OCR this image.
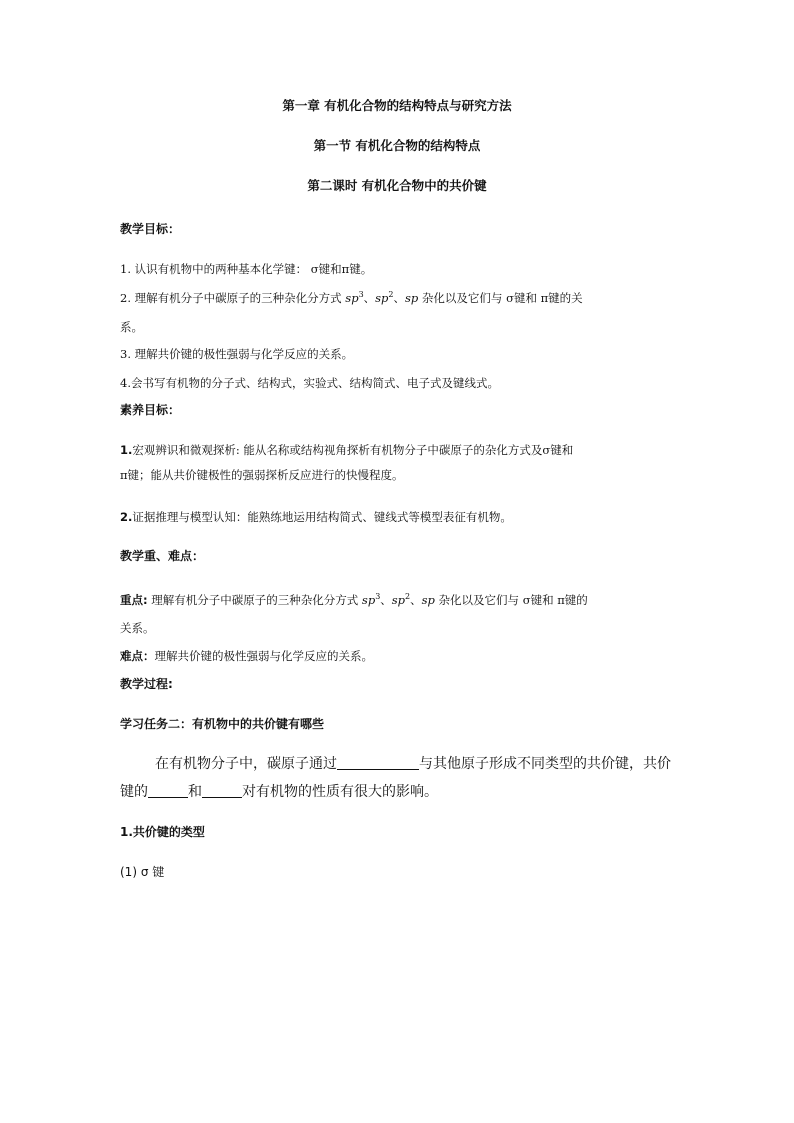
第一章 有机化合物的结构特点与研究方法
第一节 有机化合物的结构特点
第二课时 有机化合物中的共价键
教学目标：
1. 认识有机物中的两种基本化学键： σ键和π键。
2. 理解有机分子中碳原子的三种杂化分方式 $sp^3$、$sp^2$、sp 杂化以及它们与 σ键和 π键的关
系。
3. 理解共价键的极性强弱与化学反应的关系。
4.会书写有机物的分子式、结构式，实验式、结构简式、电子式及键线式。
素养目标：
1.宏观辨识和微观探析: 能从名称或结构视角探析有机物分子中碳原子的杂化方式及σ键和
π键；能从共价键极性的强弱探析反应进行的快慢程度。
2.证据推理与模型认知：能熟练地运用结构简式、键线式等模型表征有机物。
教学重、难点：
重点: 理解有机分子中碳原子的三种杂化分方式 $sp^3$、$sp^2$、sp 杂化以及它们与 σ键和 π键的
关系。
难点：理解共价键的极性强弱与化学反应的关系。
教学过程:
学习任务二：有机物中的共价键有哪些
在有机物分子中，碳原子通过	与其他原子形成不同类型的共价键，共价
键的	和	对有机物的性质有很大的影响。
1.共价键的类型
(1) σ 键
